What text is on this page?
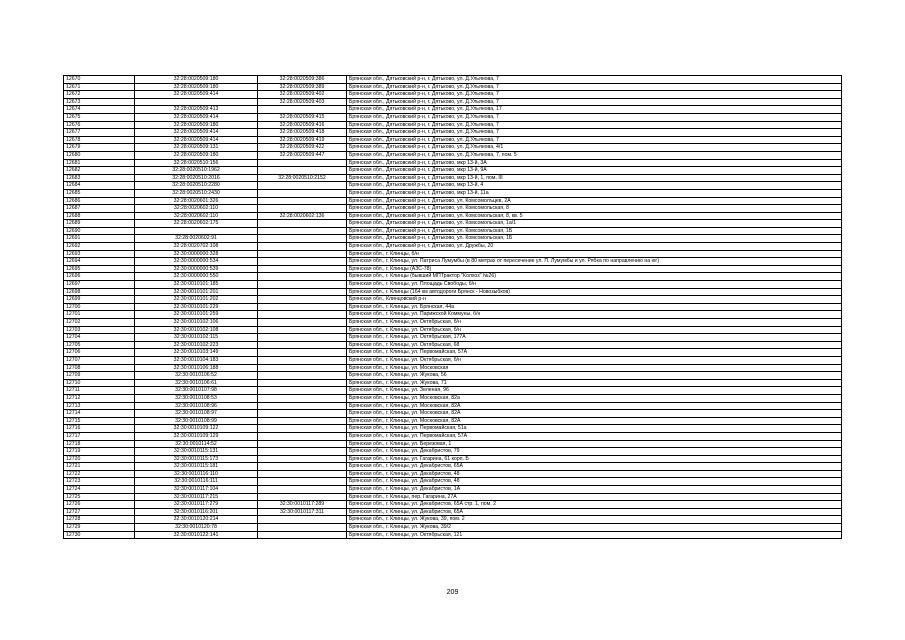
12670	32:28:0020509:180	32:28:0020509:386	Брянская обл., Дятьковский р-н, г. Дятьково, ул. Д.Ульянова, 7
12671	32:28:0020509:180	32:28:0020509:389	Брянская обл., Дятьковский р-н, г. Дятьково, ул. Д.Ульянова, 7
12672	32:28:0020509:414	32:28:0020509:402	Брянская обл., Дятьковский р-н, г. Дятьково, ул. Д.Ульянова, 7
12673		32:28:0020509:403	Брянская обл., Дятьковский р-н, г. Дятьково, ул. Д.Ульянова, 7
12674	32:28:0020509:413		Брянская обл., Дятьковский р-н, г. Дятьково, ул. Д.Ульянова, 17
12675	32:28:0020509:414	32:28:0020509:415	Брянская обл., Дятьковский р-н, г. Дятьково, ул. Д.Ульянова, 7
12676	32:28:0020509:180	32:28:0020509:416	Брянская обл., Дятьковский р-н, г. Дятьково, ул. Д.Ульянова, 7
12677	32:28:0020509:414	32:28:0020509:418	Брянская обл., Дятьковский р-н, г. Дятьково, ул. Д.Ульянова, 7
12678	32:28:0020509:414	32:28:0020509:419	Брянская обл., Дятьковский р-н, г. Дятьково, ул. Д.Ульянова, 7
12679	32:28:0020509:131	32:28:0020509:422	Брянская обл., Дятьковский р-н, г. Дятьково, ул. Д.Ульянова, 4/1
12680	32:28:0020509:180	32:28:0020509:447	Брянская обл., Дятьковский р-н, г. Дятьково, ул. Д.Ульянова, 7, пом. 5
12681	32:28:0020510:156		Брянская обл., Дятьковский р-н, г. Дятьково, мкр 13-й, 3А
12682	32:28:0020510:1962		Брянская обл., Дятьковский р-н, г. Дятьково, мкр 13-й, 9А
12683	32:28:0020510:2016	32:28:0020510:2152	Брянская обл., Дятьковский р-н, г. Дятьково, мкр 13-й, 1, пом. III
12684	32:28:0020510:2280		Брянская обл., Дятьковский р-н, г. Дятьково, мкр 13-й, 4
12685	32:28:0020510:2430		Брянская обл., Дятьковский р-н, г. Дятьково, мкр 13-й, 11а
12686	32:28:0020601:326		Брянская обл., Дятьковский р-н, г. Дятьково, ул. Комсомолъцев, 2А
12687	32:28:0020602:110		Брянская обл., Дятьковский р-н, г. Дятьково, ул. Комсомольская, 8
12688	32:28:0020602:110	32:28:0020602:136	Брянская обл., Дятьковский р-н, г. Дятьково, ул. Комсомольская, 8, кв. 5
12689	32:28:0020602:175		Брянская обл., Дятьковский р-н, г. Дятьково, ул. Комсомольская, 1а/1
12690			Брянская обл., Дятьковский р-н, г. Дятьково, ул. Комсомольская, 1Б
12691	32:28:0020602:91		Брянская обл., Дятьковский р-н, г. Дятьково, ул. Комсомольская, 1Б
12692	32:28:0020702:108		Брянская обл., Дятьковский р-н, г. Дятьково, ул. Дружбы, 20
12693	32:30:0000000:328		Брянская обл., г. Клинцы, б/н
12694	32:30:0000000:534		Брянская обл., г. Клинцы, ул. Патриса Лумумбы (в 80 метрах от пересечение ул. П. Лумумбы и ул. Рябка по направлению на юг)
12695	32:30:0000000:539		Брянская обл., г. Клинцы (АЗС-78)
12696	32:30:0000000:550		Брянская обл., г. Клинцы (бывший МПТрактор "Колхоз" №26)
12697	32:30:0010101:185		Брянская обл., г. Клинцы, ул. Площадь Свободы, б/н
12698	32:30:0010101:201		Брянская обл., г. Клинцы (164 км автодороги Брянск - Новозыбков)
12699	32:30:0010101:202		Брянская обл., Клинцовский р-н
12700	32:30:0010101:229		Брянская обл., г. Клинцы, ул. Брянская, 44а
12701	32:30:0010101:259		Брянская обл., г. Клинцы, ул. Парижской Коммуны, б/н
12702	32:30:0010102:106		Брянская обл., г. Клинцы, ул. Октябрьская, б/н
12703	32:30:0010102:108		Брянская обл., г. Клинцы, ул. Октябрьская, б/н
12704	32:30:0010102:115		Брянская обл., г. Клинцы, ул. Октябрьская, 177А
12705	32:30:0010102:223		Брянская обл., г. Клинцы, ул. Октябрьская, 68
12706	32:30:0010103:149		Брянская обл., г. Клинцы, ул. Первомайская, 57А
12707	32:30:0010104:183		Брянская обл., г. Клинцы, ул. Октябрьская, б/н
12708	32:30:0010106:188		Брянская обл., г. Клинцы, ул. Московская
12709	32:30:0010106:52		Брянская обл., г. Клинцы, ул. Жукова, 56
12710	32:30:0010106:61		Брянская обл., г. Клинцы, ул. Жукова, 71
12711	32:30:0010107:98		Брянская обл., г. Клинцы, ул. Зеленая, 96
12712	32:30:0010108:53		Брянская обл., г. Клинцы, ул. Московская, 82а
12713	32:30:0010108:96		Брянская обл., г. Клинцы, ул. Московская, 82А
12714	32:30:0010108:97		Брянская обл., г. Клинцы, ул. Московская, 82А
12715	32:30:0010108:99		Брянская обл., г. Клинцы, ул. Московская, 82А
12716	32:30:0010109:122		Брянская обл., г. Клинцы, ул. Первомайская, 51а
12717	32:30:0010109:129		Брянская обл., г. Клинцы, ул. Первомайская, 57А
12718	32:30:0010114:52		Брянская обл., г. Клинцы, ул. Березовая, 1
12719	32:30:0010115:131		Брянская обл., г. Клинцы, ул. Декабристов, 79
12720	32:30:0010115:173		Брянская обл., г. Клинцы, ул. Гагарина, 61 корп. Б
12721	32:30:0010115:181		Брянская обл., г. Клинцы, ул. Декабристов, 65А
12722	32:30:0010116:110		Брянская обл., г. Клинцы, ул. Декабристов, 48
12723	32:30:0010116:111		Брянская обл., г. Клинцы, ул. Декабристов, 48
12724	32:30:0010117:104		Брянская обл., г. Клинцы, ул. Декабристов, 1А
12725	32:30:0010117:215		Брянская обл., г. Клинцы, пер. Гагарина, 27А
12726	32:30:0010117:279	32:30:0010117:289	Брянская обл., г. Клинцы, ул. Декабристов, 65А стр. 1, пом. 2
12727	32:30:0010116:201	32:30:0010117:311	Брянская обл., г. Клинцы, ул. Декабристов, 65А
12728	32:30:0010120:214		Брянская обл., г. Клинцы, ул. Жукова, 39, пом. 2
12729	32:30:0010120:78		Брянская обл., г. Клинцы, ул. Жукова, 39/2
12730	32:30:0010122:141		Брянская обл., г. Клинцы, ул. Октябрьская, 121
209
